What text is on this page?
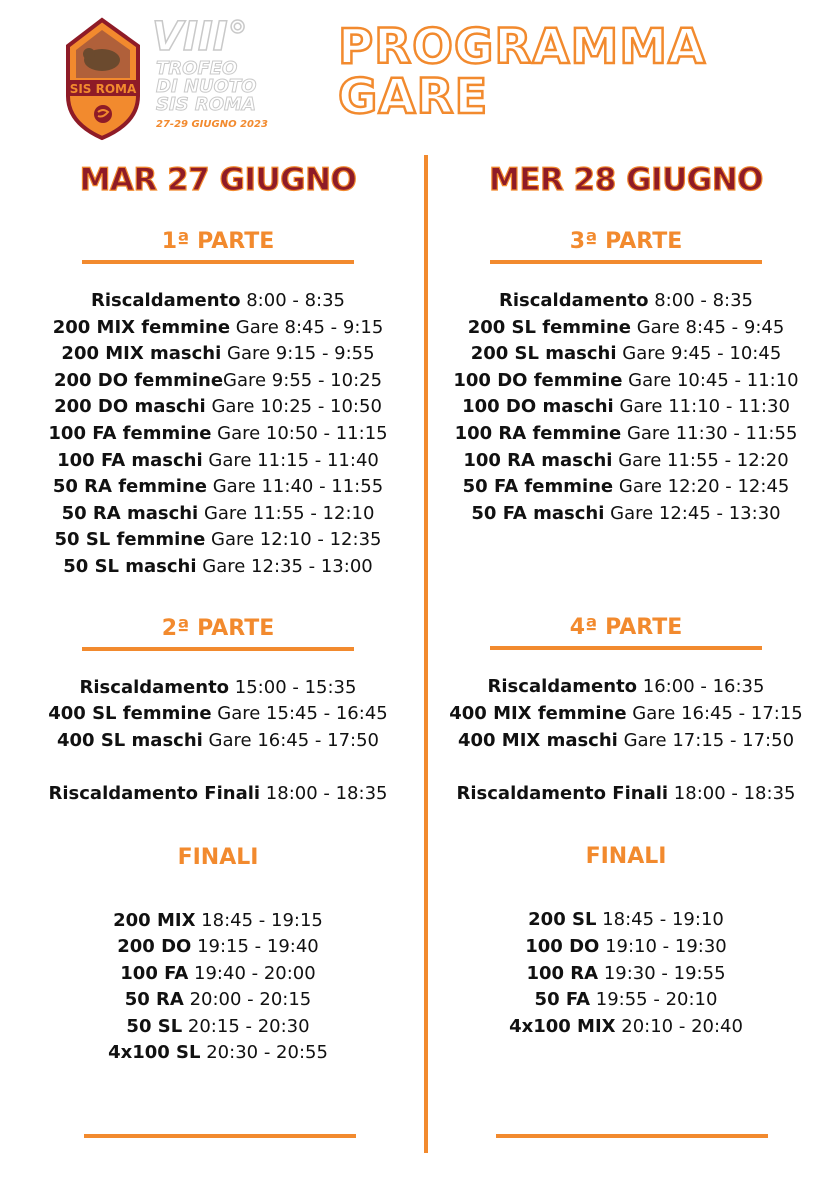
SIS ROMA
VIII°
TROFEO
DI NUOTO
SIS ROMA
27-29 GIUGNO 2023
PROGRAMMA
GARE
MAR 27 GIUGNO
1ª PARTE
Riscaldamento 8:00 - 8:35
200 MIX femmine Gare 8:45 - 9:15
200 MIX maschi Gare 9:15 - 9:55
200 DO femmineGare 9:55 - 10:25
200 DO maschi Gare 10:25 - 10:50
100 FA femmine Gare 10:50 - 11:15
100 FA maschi Gare 11:15 - 11:40
50 RA femmine Gare 11:40 - 11:55
50 RA maschi Gare 11:55 - 12:10
50 SL femmine Gare 12:10 - 12:35
50 SL maschi Gare 12:35 - 13:00
2ª PARTE
Riscaldamento 15:00 - 15:35
400 SL femmine Gare 15:45 - 16:45
400 SL maschi Gare 16:45 - 17:50
Riscaldamento Finali 18:00 - 18:35
FINALI
200 MIX 18:45 - 19:15
200 DO 19:15 - 19:40
100 FA 19:40 - 20:00
50 RA 20:00 - 20:15
50 SL 20:15 - 20:30
4x100 SL 20:30 - 20:55
MER 28 GIUGNO
3ª PARTE
Riscaldamento 8:00 - 8:35
200 SL femmine Gare 8:45 - 9:45
200 SL maschi Gare 9:45 - 10:45
100 DO femmine Gare 10:45 - 11:10
100 DO maschi Gare 11:10 - 11:30
100 RA femmine Gare 11:30 - 11:55
100 RA maschi Gare 11:55 - 12:20
50 FA femmine Gare 12:20 - 12:45
50 FA maschi Gare 12:45 - 13:30
4ª PARTE
Riscaldamento 16:00 - 16:35
400 MIX femmine Gare 16:45 - 17:15
400 MIX maschi Gare 17:15 - 17:50
Riscaldamento Finali 18:00 - 18:35
FINALI
200 SL 18:45 - 19:10
100 DO 19:10 - 19:30
100 RA 19:30 - 19:55
50 FA 19:55 - 20:10
4x100 MIX 20:10 - 20:40
